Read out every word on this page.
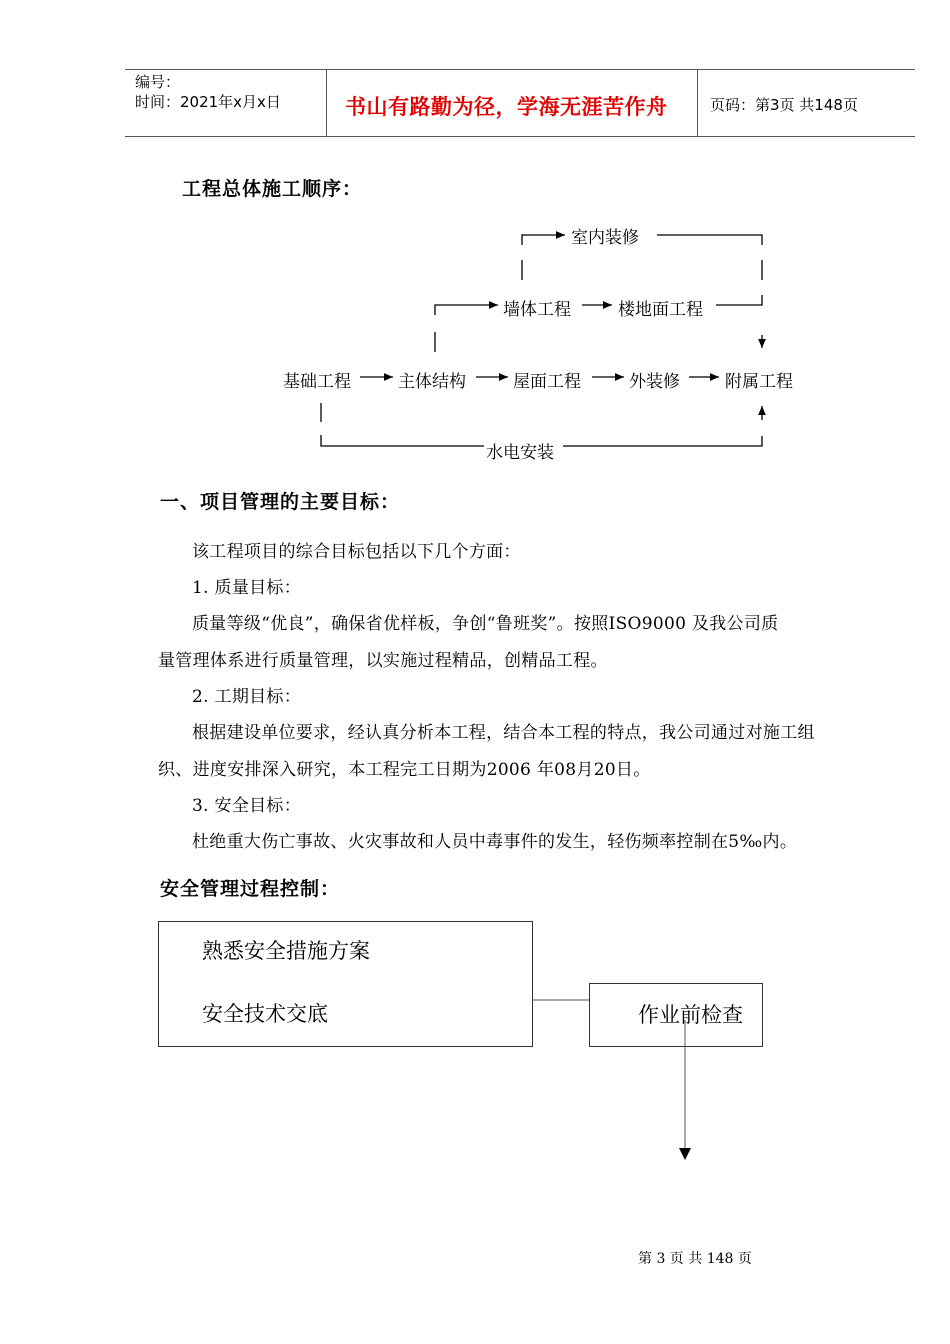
编号：
时间：2021年x月x日	书山有路勤为径，学海无涯苦作舟	页码：第3页 共148页
工程总体施工顺序：
室内装修
墙体工程	楼地面工程
基础工程	主体结构	屋面工程	外装修	附属工程
水电安装
一、项目管理的主要目标：
该工程项目的综合目标包括以下几个方面：
1. 质量目标：
质量等级“优良”，确保省优样板，争创“鲁班奖”。按照ISO9000 及我公司质
量管理体系进行质量管理，以实施过程精品，创精品工程。
2. 工期目标：
根据建设单位要求，经认真分析本工程，结合本工程的特点，我公司通过对施工组
织、进度安排深入研究，本工程完工日期为2006 年08月20日。
3. 安全目标：
杜绝重大伤亡事故、火灾事故和人员中毒事件的发生，轻伤频率控制在5‰内。
安全管理过程控制：
熟悉安全措施方案
安全技术交底	作业前检查
第 3 页 共 148 页
